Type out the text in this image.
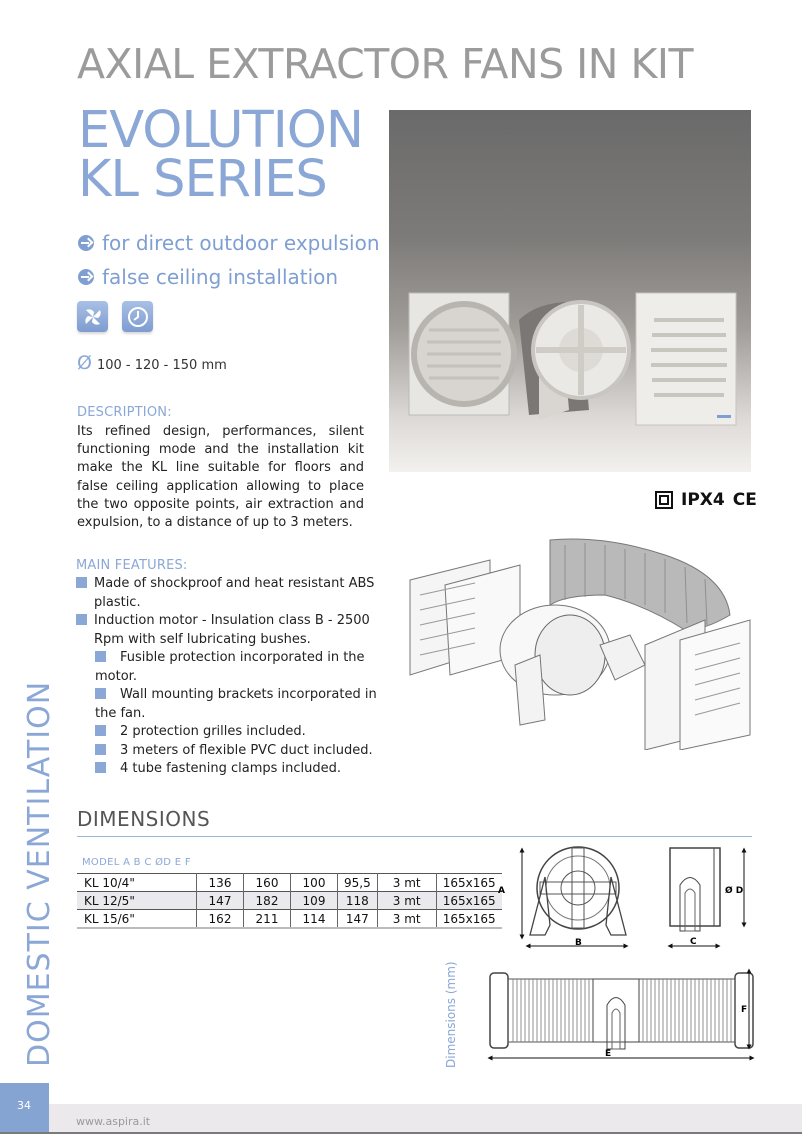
AXIAL EXTRACTOR FANS IN KIT
EVOLUTION
KL SERIES
for direct outdoor expulsion
false ceiling installation
Ø 100 - 120 - 150 mm
DESCRIPTION:
Its refined design, performances, silent functioning mode and the installation kit make the KL line suitable for floors and false ceiling application allowing to place the two opposite points, air extraction and expulsion, to a distance of up to 3 meters.
MAIN FEATURES:
Made of shockproof and heat resistant ABS plastic.
Induction motor - Insulation class B - 2500 Rpm with self lubricating bushes.
Fusible protection incorporated in the motor.
Wall mounting brackets incorporated in the fan.
2 protection grilles included.
3 meters of flexible PVC duct included.
4 tube fastening clamps included.
IPX4 CE
DIMENSIONS
MODEL A B C ØD E F
KL 10/4"	136	160	100	95,5	3 mt	165x165
KL 12/5"	147	182	109	118	3 mt	165x165
KL 15/6"	162	211	114	147	3 mt	165x165
A
B
Ø D
C
F
E
Dimensions (mm)
DOMESTIC VENTILATION
34
www.aspira.it
